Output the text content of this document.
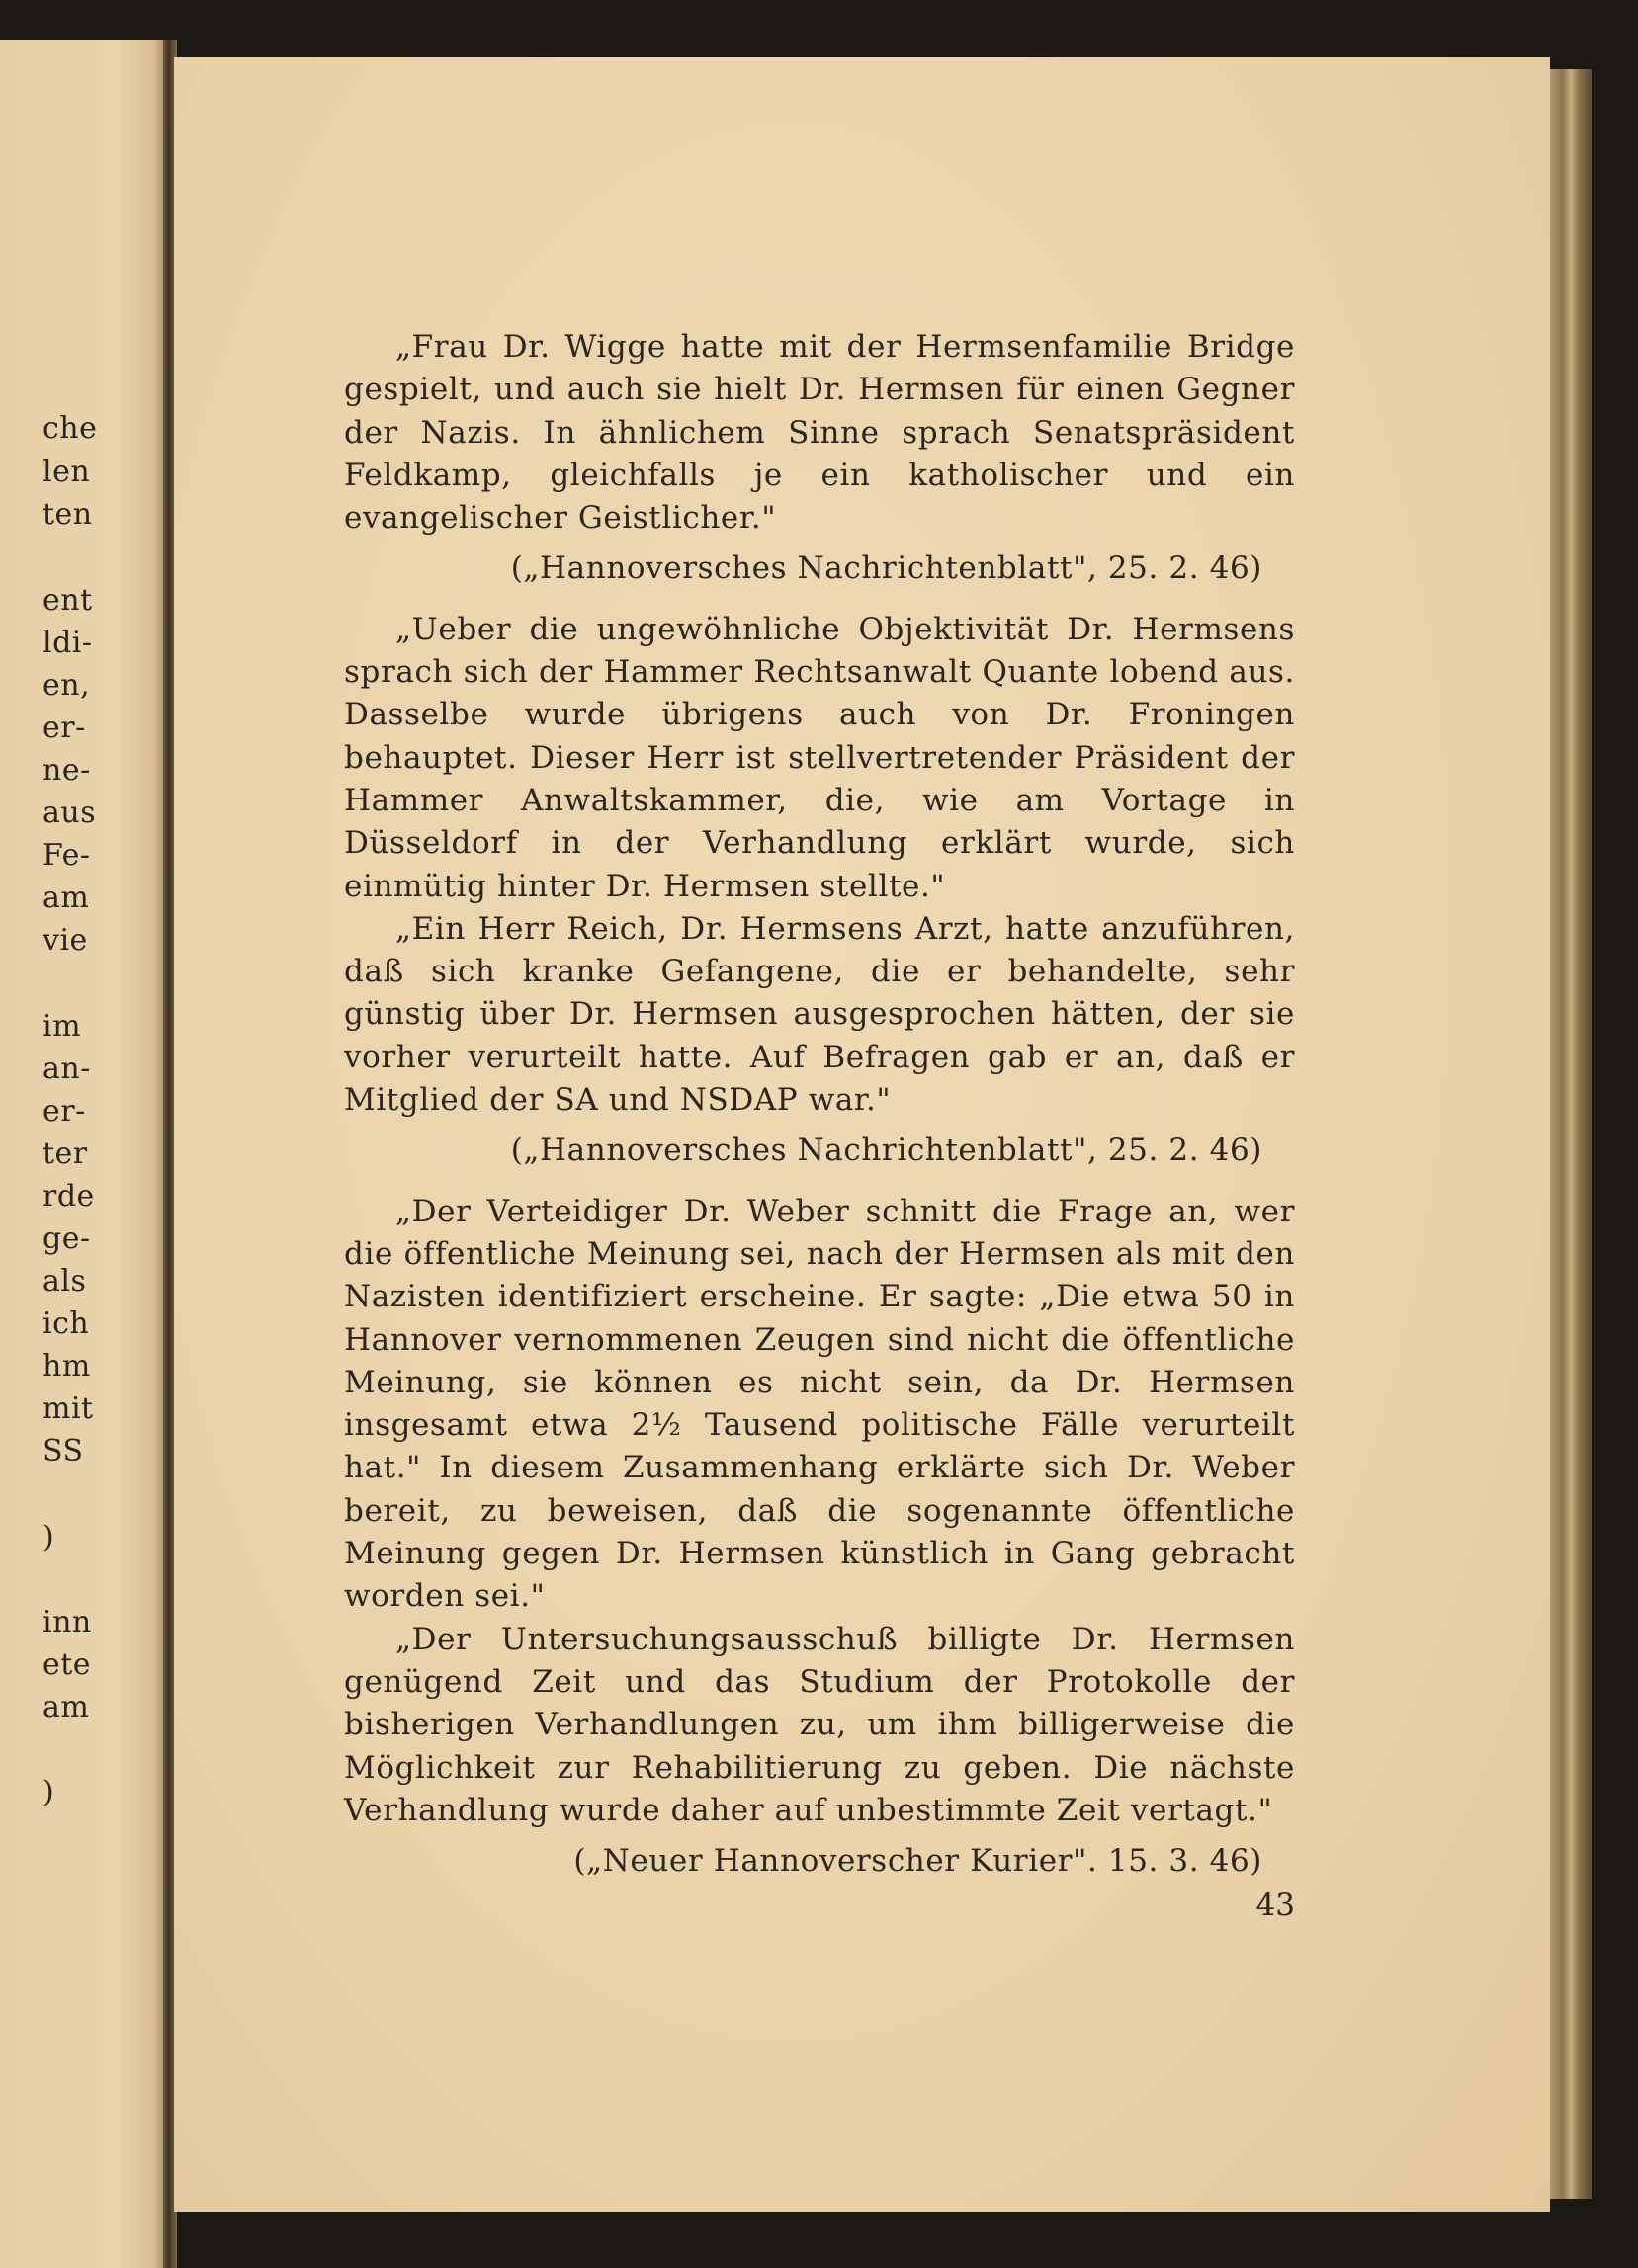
che
len
ten
ent
ldi-
en,
er-
ne-
aus
Fe-
am
vie
im
an-
er-
ter
rde
ge-
als
ich
hm
mit
SS
)
inn
ete
am
)

„Frau Dr. Wigge hatte mit der Hermsenfamilie Bridge gespielt, und auch sie hielt Dr. Hermsen für einen Gegner der Nazis. In ähnlichem Sinne sprach Senatspräsident Feldkamp, gleichfalls je ein katholischer und ein evangelischer Geistlicher."

(„Hannoversches Nachrichtenblatt", 25. 2. 46)

„Ueber die ungewöhnliche Objektivität Dr. Hermsens sprach sich der Hammer Rechtsanwalt Quante lobend aus. Dasselbe wurde übrigens auch von Dr. Froningen behauptet. Dieser Herr ist stellvertretender Präsident der Hammer Anwaltskammer, die, wie am Vortage in Düsseldorf in der Verhandlung erklärt wurde, sich einmütig hinter Dr. Hermsen stellte."

„Ein Herr Reich, Dr. Hermsens Arzt, hatte anzuführen, daß sich kranke Gefangene, die er behandelte, sehr günstig über Dr. Hermsen ausgesprochen hätten, der sie vorher verurteilt hatte. Auf Befragen gab er an, daß er Mitglied der SA und NSDAP war."

(„Hannoversches Nachrichtenblatt", 25. 2. 46)

„Der Verteidiger Dr. Weber schnitt die Frage an, wer die öffentliche Meinung sei, nach der Hermsen als mit den Nazisten identifiziert erscheine. Er sagte: „Die etwa 50 in Hannover vernommenen Zeugen sind nicht die öffentliche Meinung, sie können es nicht sein, da Dr. Hermsen insgesamt etwa 2½ Tausend politische Fälle verurteilt hat." In diesem Zusammenhang erklärte sich Dr. Weber bereit, zu beweisen, daß die sogenannte öffentliche Meinung gegen Dr. Hermsen künstlich in Gang gebracht worden sei."

„Der Untersuchungsausschuß billigte Dr. Hermsen genügend Zeit und das Studium der Protokolle der bisherigen Verhandlungen zu, um ihm billigerweise die Möglichkeit zur Rehabilitierung zu geben. Die nächste Verhandlung wurde daher auf unbestimmte Zeit vertagt."

(„Neuer Hannoverscher Kurier". 15. 3. 46)

43
